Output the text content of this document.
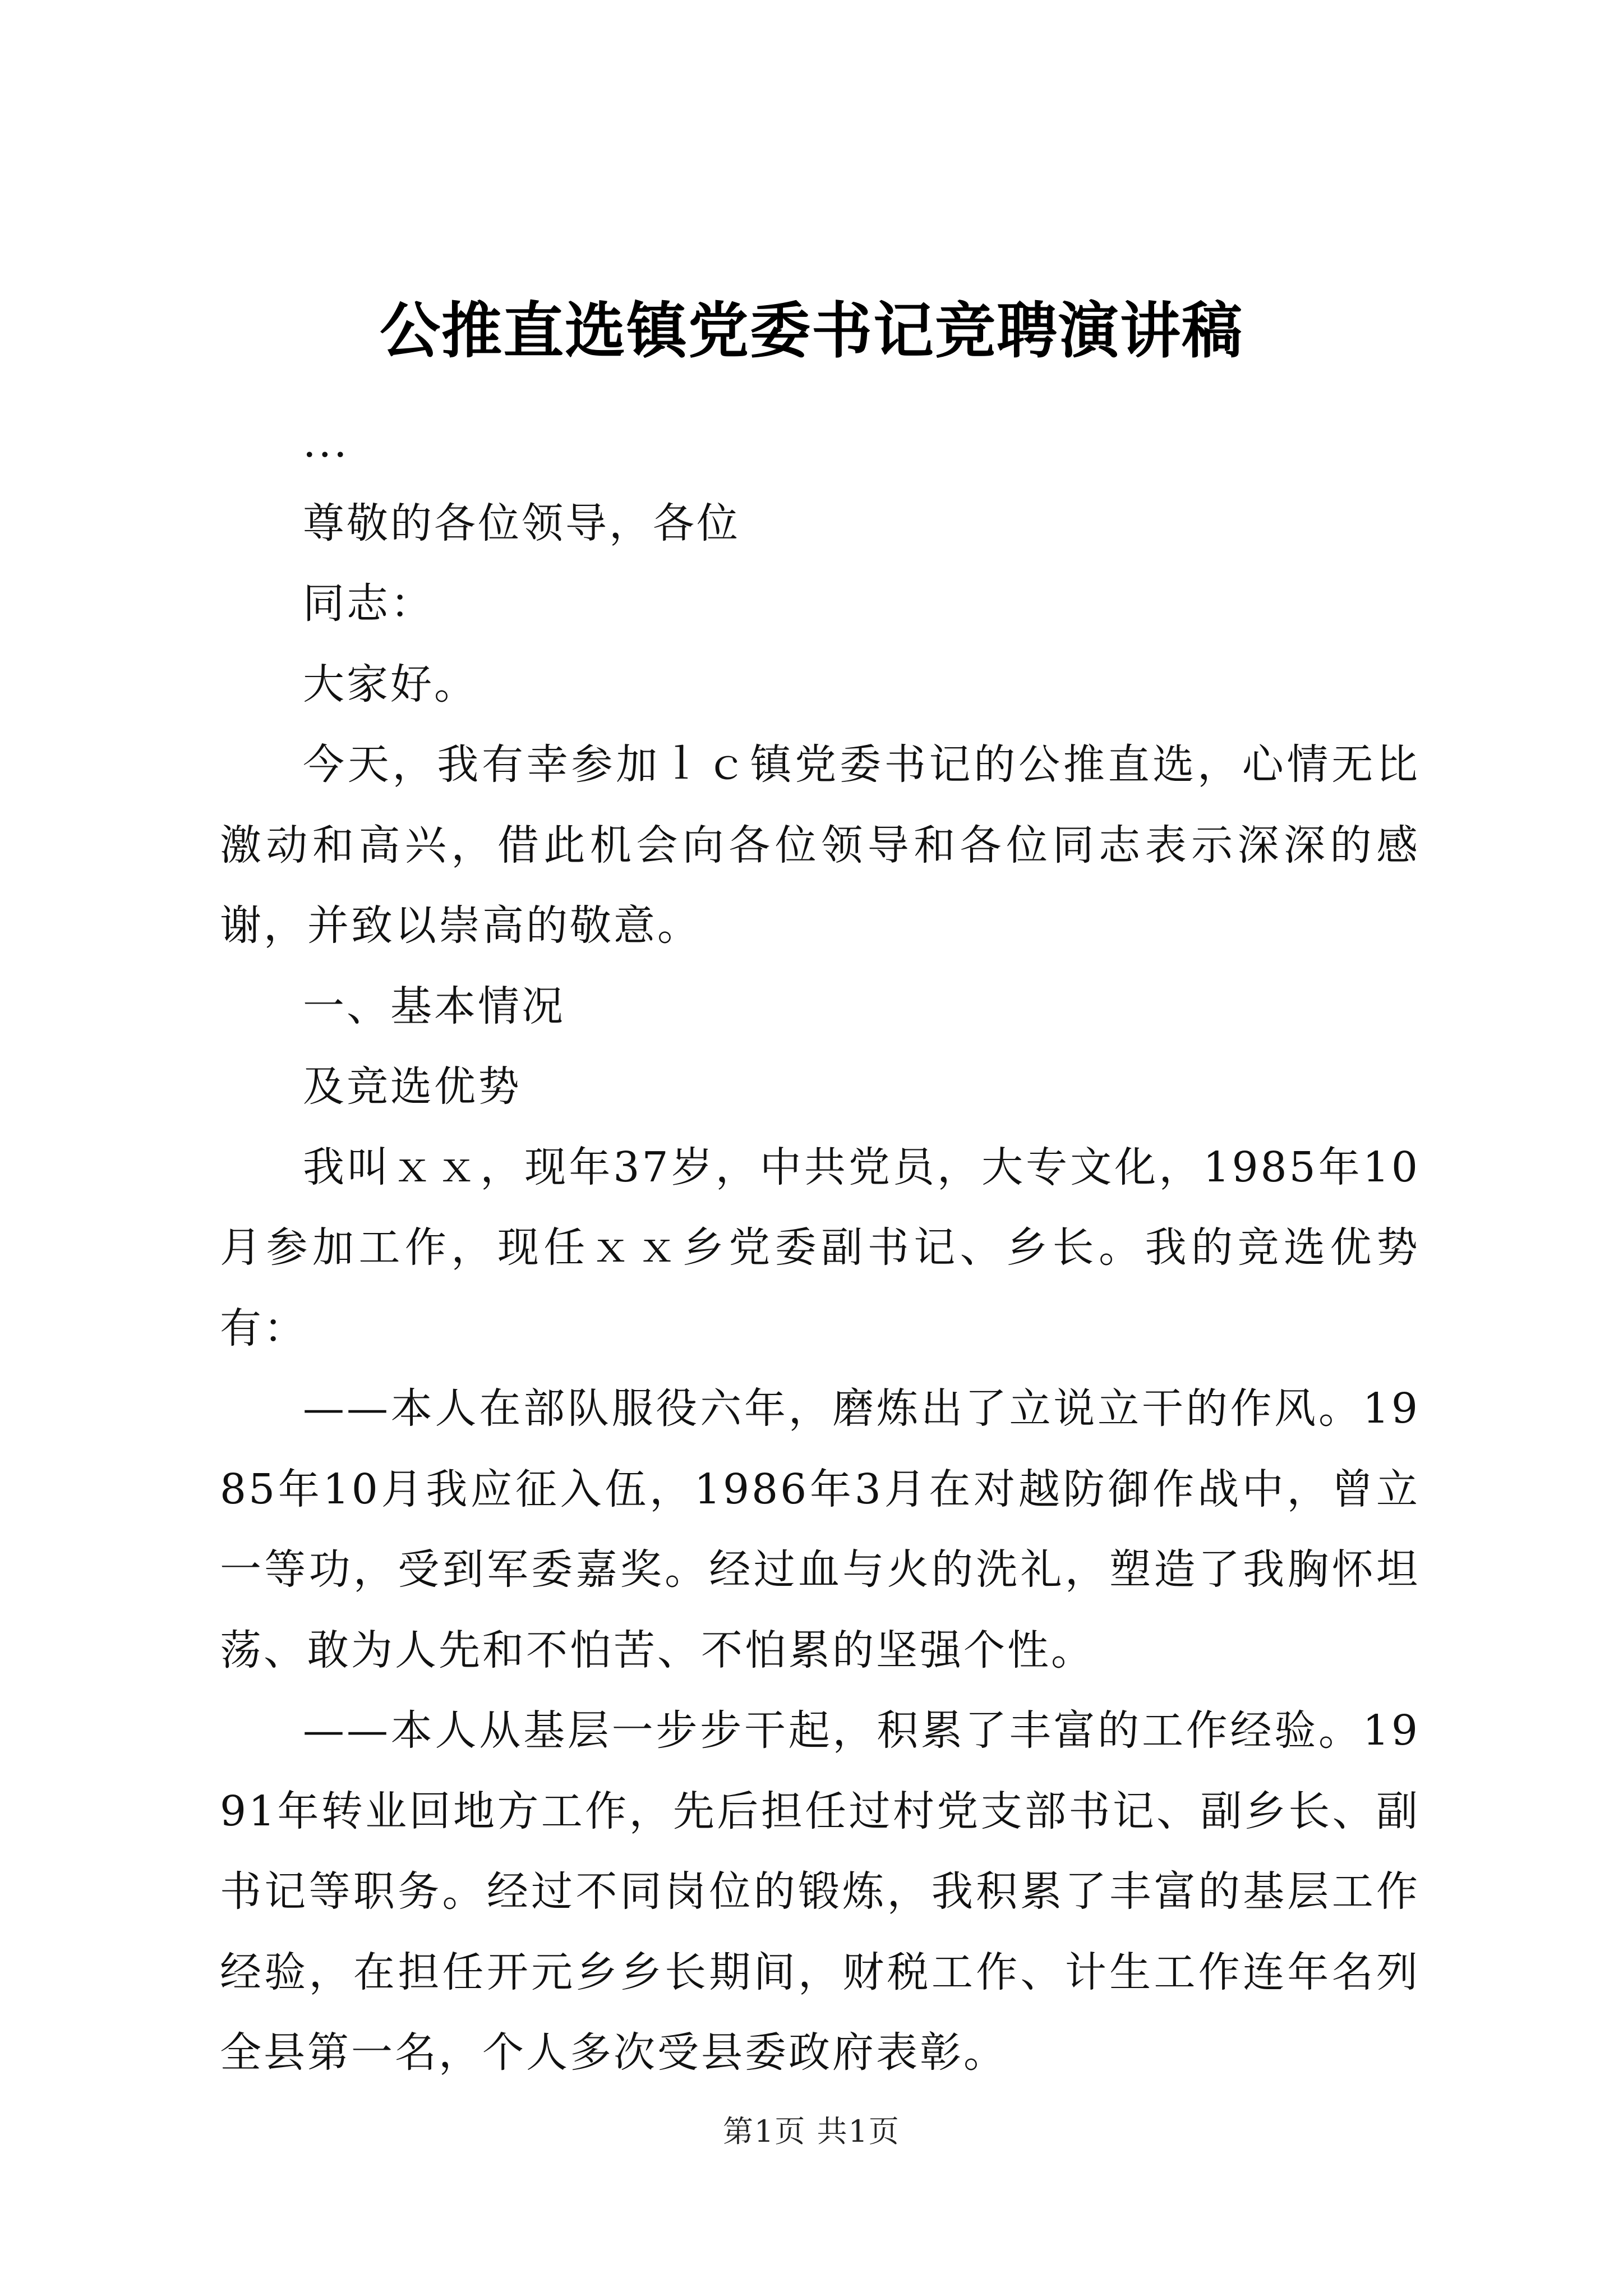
公推直选镇党委书记竞聘演讲稿

...

尊敬的各位领导，各位

同志：

大家好。

今天，我有幸参加ｌｃ镇党委书记的公推直选，心情无比激动和高兴，借此机会向各位领导和各位同志表示深深的感谢，并致以崇高的敬意。

一、基本情况

及竞选优势

我叫ｘｘ，现年37岁，中共党员，大专文化，1985年10月参加工作，现任ｘｘ乡党委副书记、乡长。我的竞选优势有：

——本人在部队服役六年，磨炼出了立说立干的作风。1985年10月我应征入伍，1986年3月在对越防御作战中，曾立一等功，受到军委嘉奖。经过血与火的洗礼，塑造了我胸怀坦荡、敢为人先和不怕苦、不怕累的坚强个性。

——本人从基层一步步干起，积累了丰富的工作经验。1991年转业回地方工作，先后担任过村党支部书记、副乡长、副书记等职务。经过不同岗位的锻炼，我积累了丰富的基层工作经验，在担任开元乡乡长期间，财税工作、计生工作连年名列全县第一名，个人多次受县委政府表彰。

第1页 共1页
